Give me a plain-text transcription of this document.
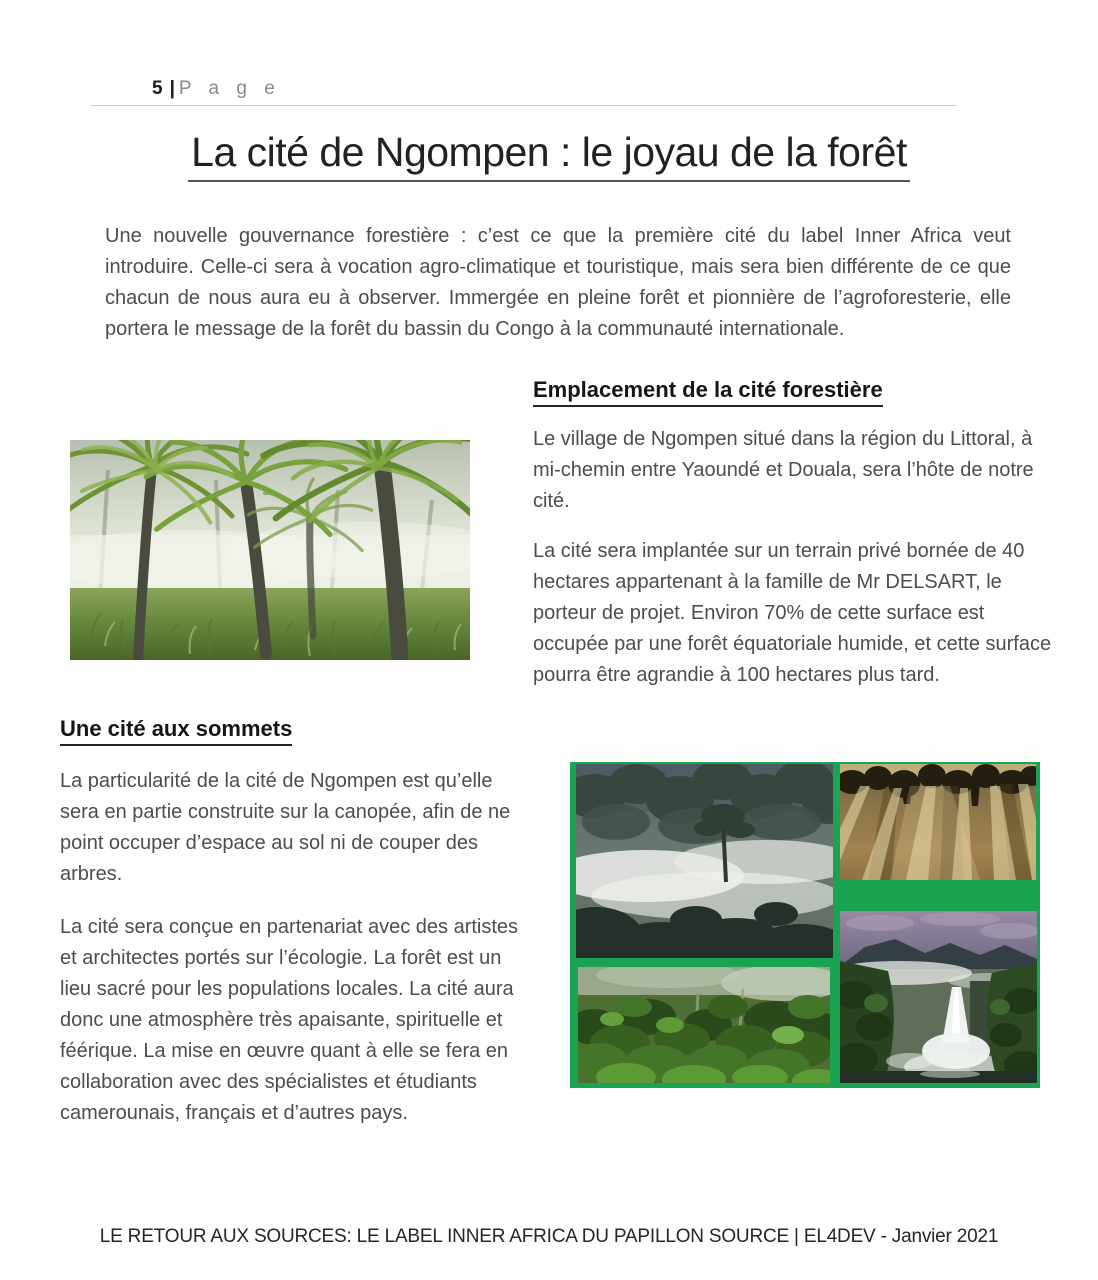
5 | P a g e
La cité de Ngompen : le joyau de la forêt

Une nouvelle gouvernance forestière : c’est ce que la première cité du label Inner Africa veut introduire. Celle-ci sera à vocation agro-climatique et touristique, mais sera bien différente de ce que chacun de nous aura eu à observer. Immergée en pleine forêt et pionnière de l’agroforesterie, elle portera le message de la forêt du bassin du Congo à la communauté internationale.

Emplacement de la cité forestière

Le village de Ngompen situé dans la région du Littoral, à mi-chemin entre Yaoundé et Douala, sera l’hôte de notre cité.

La cité sera implantée sur un terrain privé bornée de 40 hectares appartenant à la famille de Mr DELSART, le porteur de projet. Environ 70% de cette surface est occupée par une forêt équatoriale humide, et cette surface pourra être agrandie à 100 hectares plus tard.

Une cité aux sommets

La particularité de la cité de Ngompen est qu’elle sera en partie construite sur la canopée, afin de ne point occuper d’espace au sol ni de couper des arbres.

La cité sera conçue en partenariat avec des artistes et architectes portés sur l’écologie. La forêt est un lieu sacré pour les populations locales. La cité aura donc une atmosphère très apaisante, spirituelle et féérique. La mise en œuvre quant à elle se fera en collaboration avec des spécialistes et étudiants camerounais, français et d’autres pays.

LE RETOUR AUX SOURCES: LE LABEL INNER AFRICA DU PAPILLON SOURCE | EL4DEV - Janvier 2021
